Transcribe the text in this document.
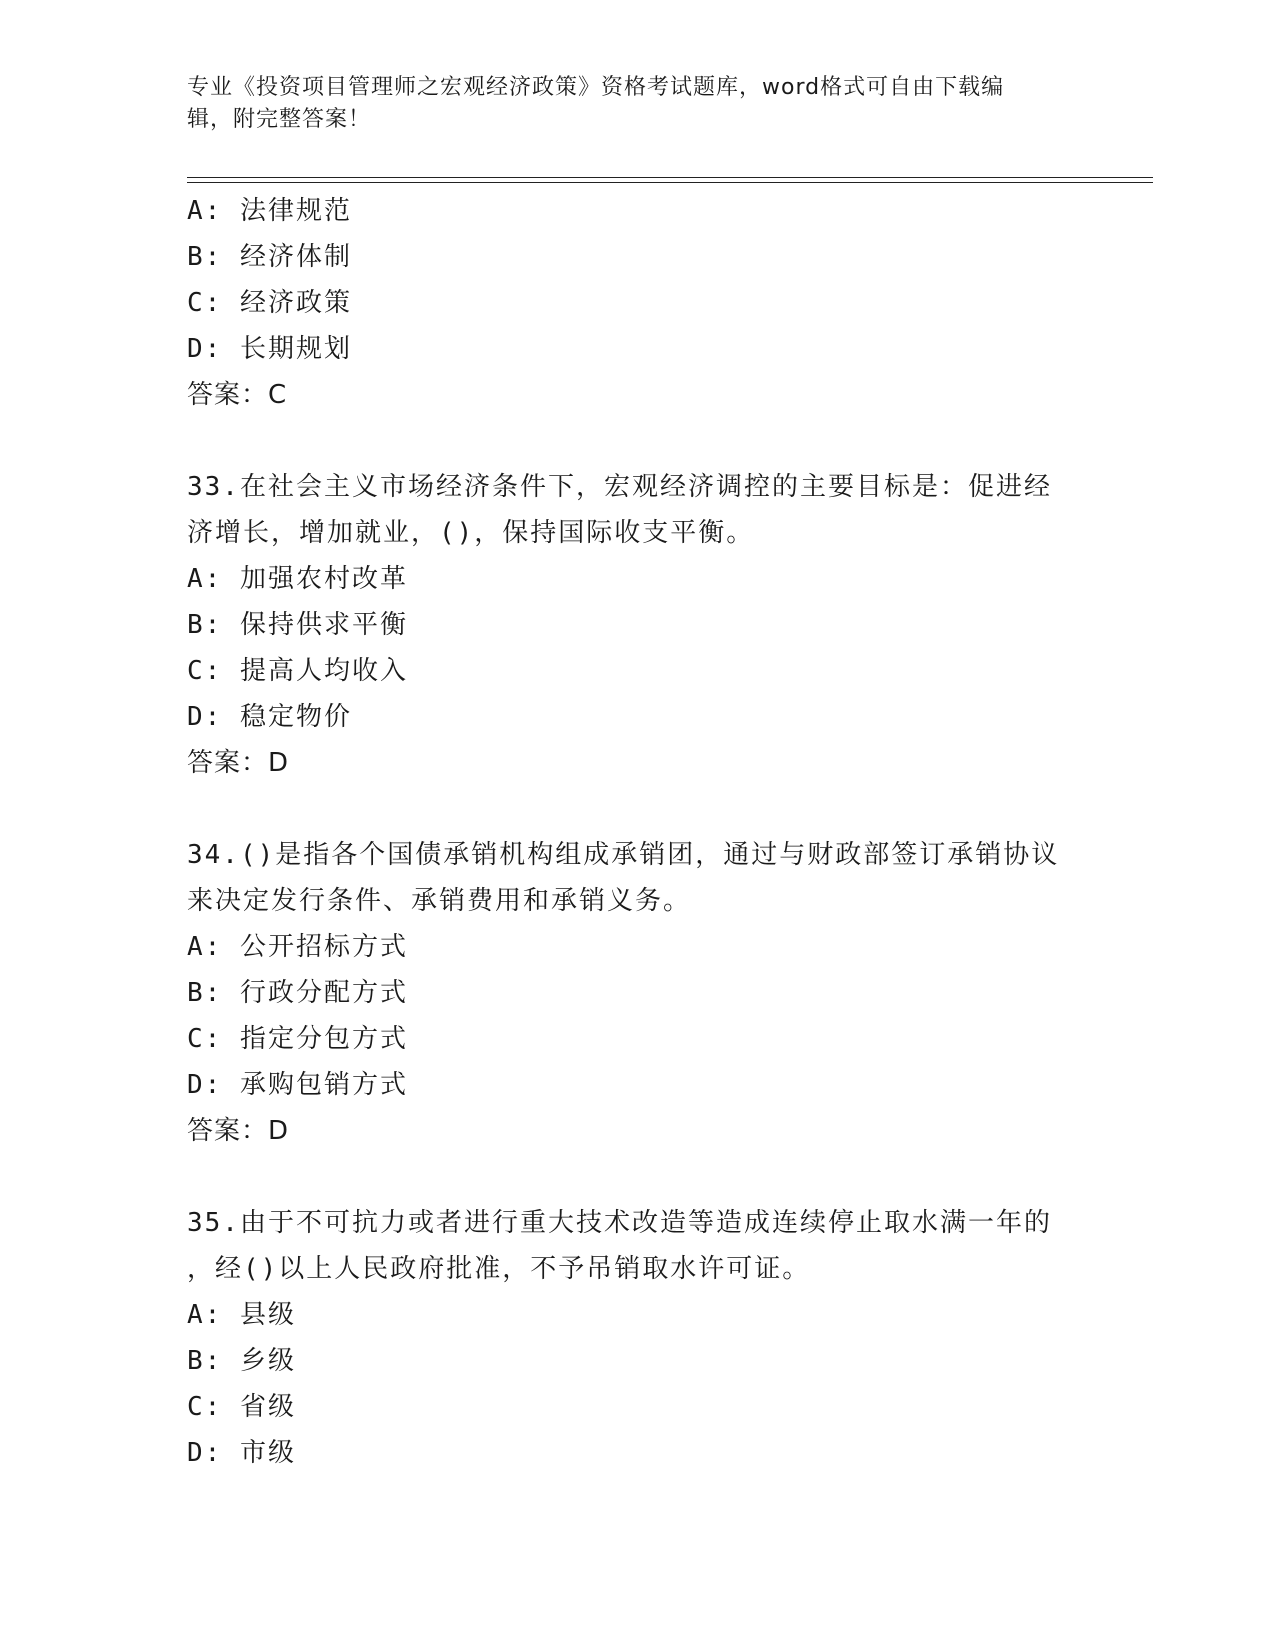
专业《投资项目管理师之宏观经济政策》资格考试题库，word格式可自由下载编
辑，附完整答案！
A: 法律规范
B: 经济体制
C: 经济政策
D: 长期规划
答案：C
33.在社会主义市场经济条件下，宏观经济调控的主要目标是：促进经
济增长，增加就业，()，保持国际收支平衡。
A: 加强农村改革
B: 保持供求平衡
C: 提高人均收入
D: 稳定物价
答案：D
34.()是指各个国债承销机构组成承销团，通过与财政部签订承销协议
来决定发行条件、承销费用和承销义务。
A: 公开招标方式
B: 行政分配方式
C: 指定分包方式
D: 承购包销方式
答案：D
35.由于不可抗力或者进行重大技术改造等造成连续停止取水满一年的
，经()以上人民政府批准，不予吊销取水许可证。
A: 县级
B: 乡级
C: 省级
D: 市级
